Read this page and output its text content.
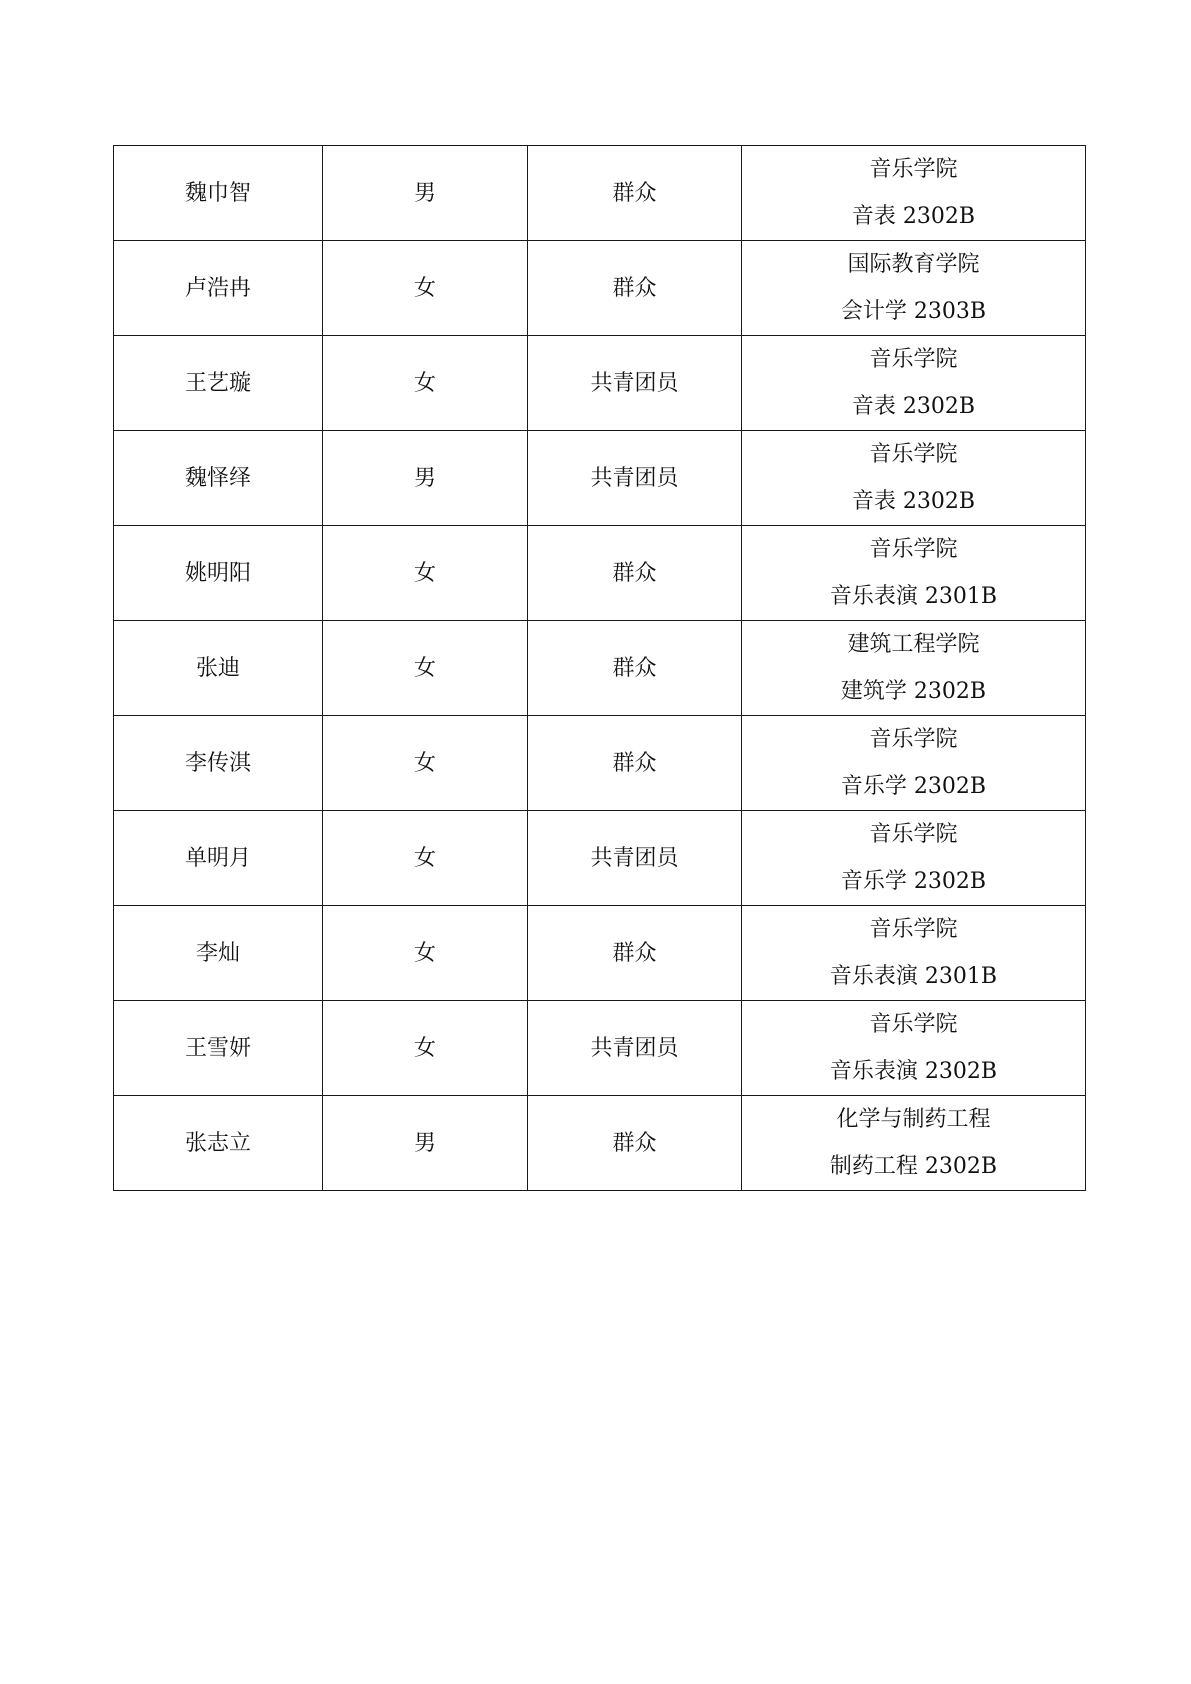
魏巾智	男	群众	音乐学院
音表 2302B

卢浩冉	女	群众	国际教育学院
会计学 2303B

王艺璇	女	共青团员	音乐学院
音表 2302B

魏怿绎	男	共青团员	音乐学院
音表 2302B

姚明阳	女	群众	音乐学院
音乐表演 2301B

张迪	女	群众	建筑工程学院
建筑学 2302B

李传淇	女	群众	音乐学院
音乐学 2302B

单明月	女	共青团员	音乐学院
音乐学 2302B

李灿	女	群众	音乐学院
音乐表演 2301B

王雪妍	女	共青团员	音乐学院
音乐表演 2302B

张志立	男	群众	化学与制药工程
制药工程 2302B
